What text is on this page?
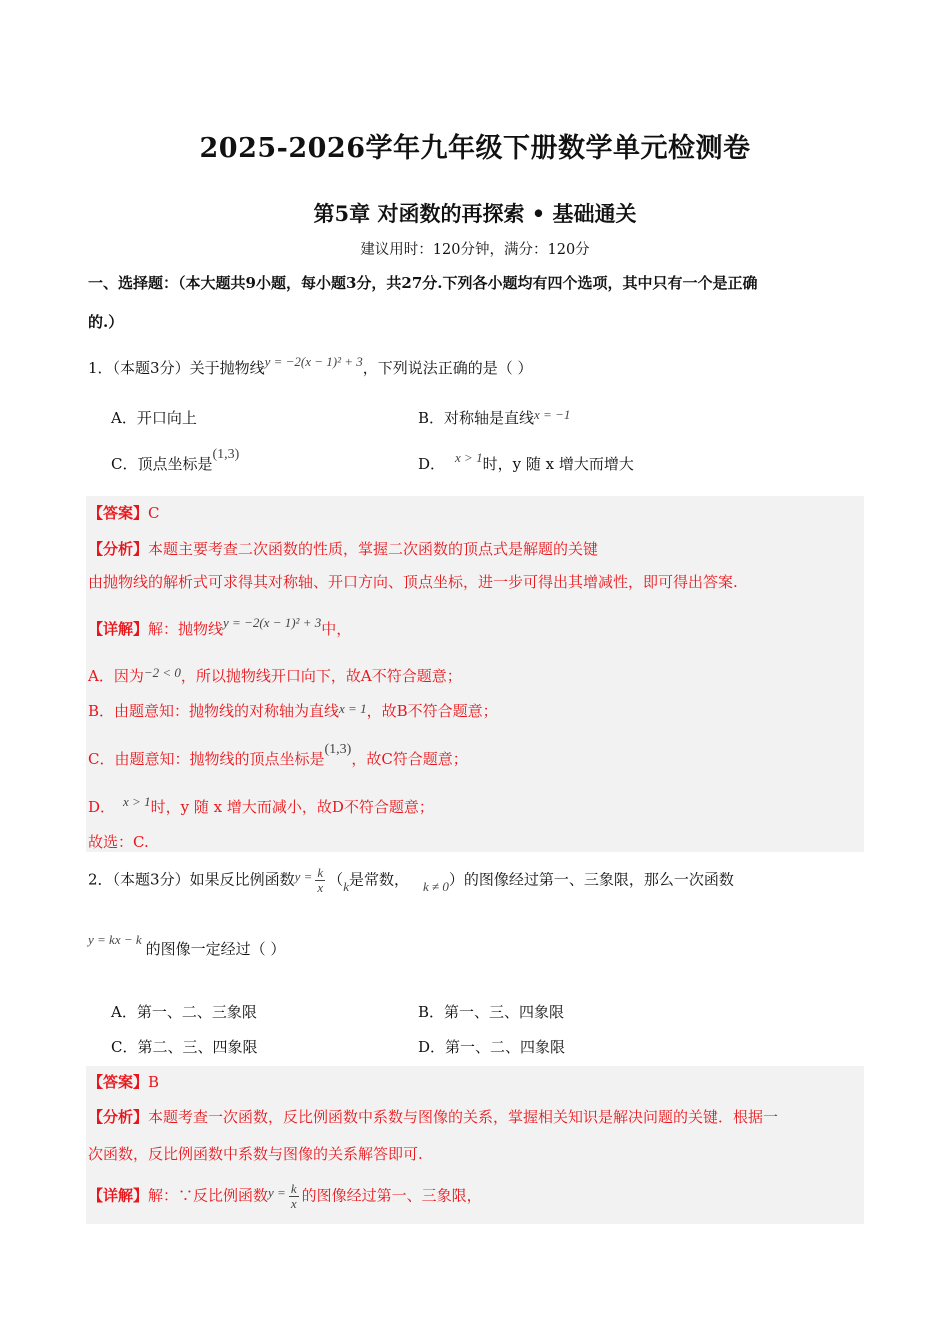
2025-2026学年九年级下册数学单元检测卷
第5章 对函数的再探索 • 基础通关
建议用时：120分钟，满分：120分
一、选择题：（本大题共9小题，每小题3分，共27分.下列各小题均有四个选项，其中只有一个是正确
的.）
1．（本题3分）关于抛物线y = −2(x − 1)² + 3，下列说法正确的是（ ）
A．开口向上	B．对称轴是直线x = −1
C．顶点坐标是(1,3)
D． x > 1时，y 随 x 增大而增大
【答案】C
【分析】本题主要考查二次函数的性质，掌握二次函数的顶点式是解题的关键
由抛物线的解析式可求得其对称轴、开口方向、顶点坐标，进一步可得出其增减性，即可得出答案.
【详解】解：抛物线y = −2(x − 1)² + 3中，
A．因为−2 < 0，所以抛物线开口向下，故A不符合题意；
B．由题意知：抛物线的对称轴为直线x = 1，故B不符合题意；
C．由题意知：抛物线的顶点坐标是(1,3)，故C符合题意；
D． x > 1时，y 随 x 增大而减小，故D不符合题意；
故选：C.
2．（本题3分）如果反比例函数$y = \frac{k}{x} (k$是常数， k ≠ 0）的图像经过第一、三象限，那么一次函数
y = kx − k的图像一定经过（ ）
A．第一、二、三象限	B．第一、三、四象限
C．第二、三、四象限	D．第一、二、四象限
【答案】B
【分析】本题考查一次函数，反比例函数中系数与图像的关系，掌握相关知识是解决问题的关键．根据一
次函数，反比例函数中系数与图像的关系解答即可.
【详解】解：∵反比例函数$y = \frac{k}{x}$ 的图像经过第一、三象限，
